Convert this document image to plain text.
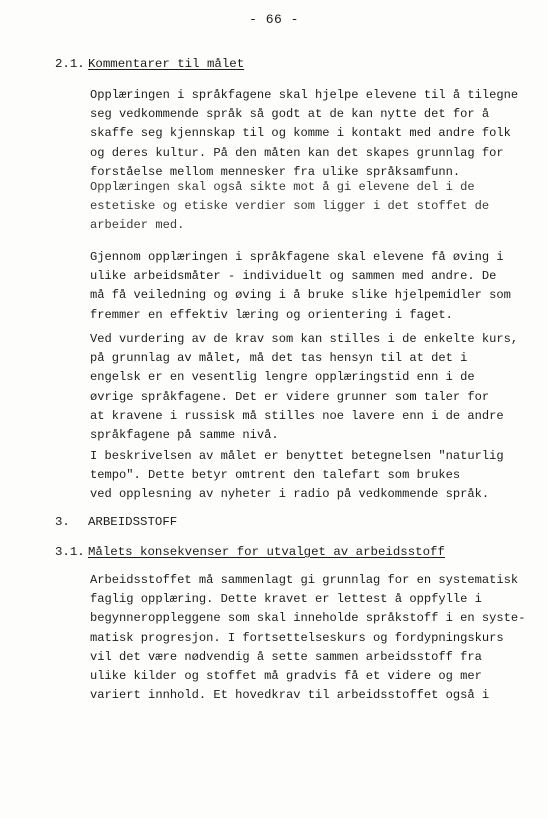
- 66 -
2.1. Kommentarer til målet

Opplæringen i språkfagene skal hjelpe elevene til å tilegne
seg vedkommende språk så godt at de kan nytte det for å
skaffe seg kjennskap til og komme i kontakt med andre folk
og deres kultur. På den måten kan det skapes grunnlag for
forståelse mellom mennesker fra ulike språksamfunn.

Opplæringen skal også sikte mot å gi elevene del i de
estetiske og etiske verdier som ligger i det stoffet de
arbeider med.

Gjennom opplæringen i språkfagene skal elevene få øving i
ulike arbeidsmåter - individuelt og sammen med andre. De
må få veiledning og øving i å bruke slike hjelpemidler som
fremmer en effektiv læring og orientering i faget.

Ved vurdering av de krav som kan stilles i de enkelte kurs,
på grunnlag av målet, må det tas hensyn til at det i
engelsk er en vesentlig lengre opplæringstid enn i de
øvrige språkfagene. Det er videre grunner som taler for
at kravene i russisk må stilles noe lavere enn i de andre
språkfagene på samme nivå.

I beskrivelsen av målet er benyttet betegnelsen "naturlig
tempo". Dette betyr omtrent den talefart som brukes
ved opplesning av nyheter i radio på vedkommende språk.

3. ARBEIDSSTOFF
3.1. Målets konsekvenser for utvalget av arbeidsstoff

Arbeidsstoffet må sammenlagt gi grunnlag for en systematisk
faglig opplæring. Dette kravet er lettest å oppfylle i
begynneroppleggene som skal inneholde språkstoff i en syste-
matisk progresjon. I fortsettelseskurs og fordypningskurs
vil det være nødvendig å sette sammen arbeidsstoff fra
ulike kilder og stoffet må gradvis få et videre og mer
variert innhold. Et hovedkrav til arbeidsstoffet også i
